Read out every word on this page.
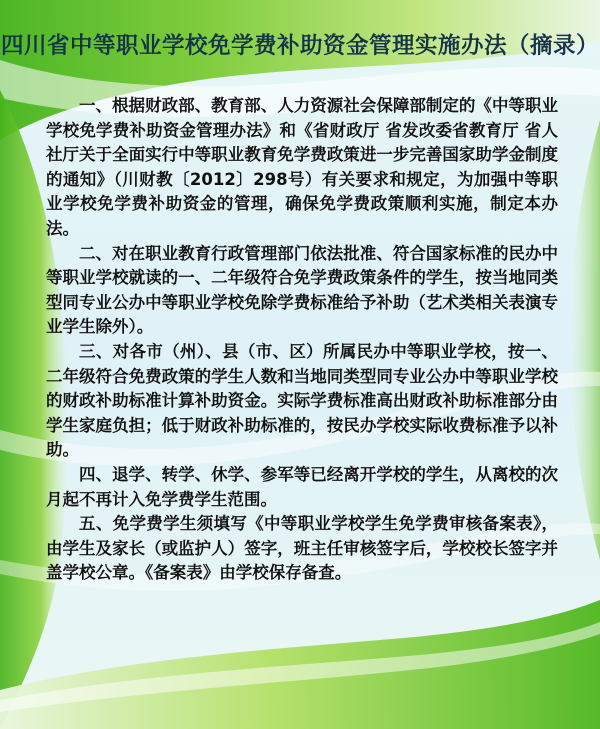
四川省中等职业学校免学费补助资金管理实施办法（摘录）

一、根据财政部、教育部、人力资源社会保障部制定的《中等职业学校免学费补助资金管理办法》和《省财政厅 省发改委省教育厅 省人社厅关于全面实行中等职业教育免学费政策进一步完善国家助学金制度的通知》（川财教〔2012〕298号）有关要求和规定，为加强中等职业学校免学费补助资金的管理，确保免学费政策顺利实施，制定本办法。

二、对在职业教育行政管理部门依法批准、符合国家标准的民办中等职业学校就读的一、二年级符合免学费政策条件的学生，按当地同类型同专业公办中等职业学校免除学费标准给予补助（艺术类相关表演专业学生除外）。

三、对各市（州）、县（市、区）所属民办中等职业学校，按一、二年级符合免费政策的学生人数和当地同类型同专业公办中等职业学校的财政补助标准计算补助资金。实际学费标准高出财政补助标准部分由学生家庭负担；低于财政补助标准的，按民办学校实际收费标准予以补助。

四、退学、转学、休学、参军等已经离开学校的学生，从离校的次月起不再计入免学费学生范围。

五、免学费学生须填写《中等职业学校学生免学费审核备案表》，由学生及家长（或监护人）签字，班主任审核签字后，学校校长签字并盖学校公章。《备案表》由学校保存备查。
